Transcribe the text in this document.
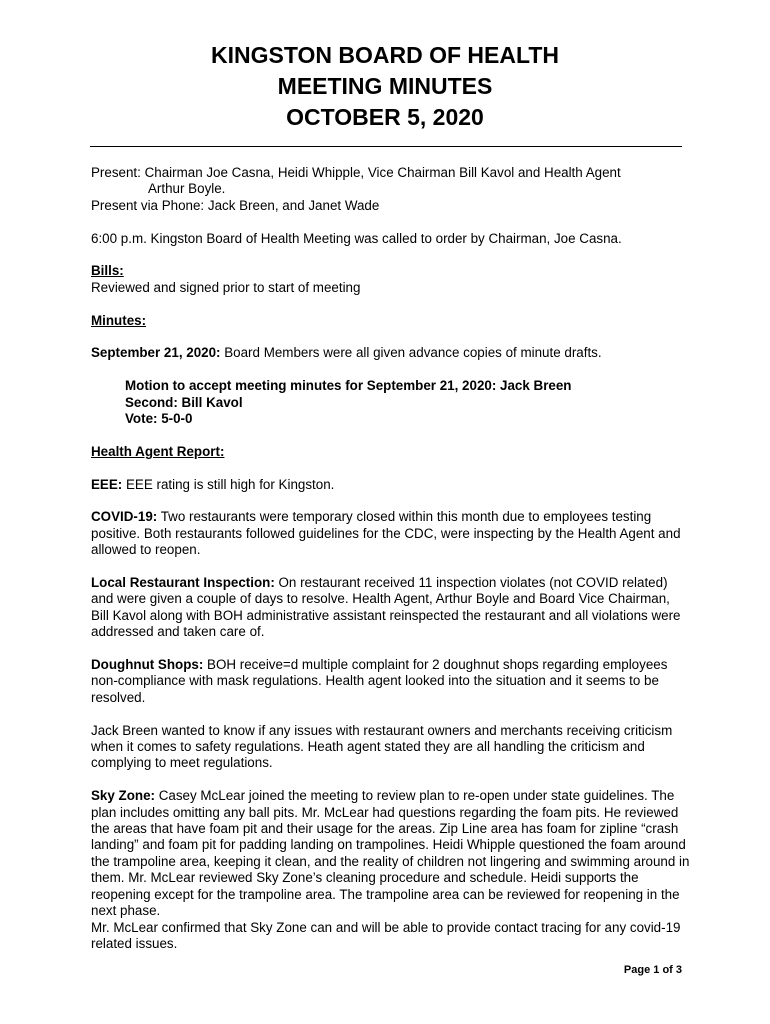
KINGSTON BOARD OF HEALTH
MEETING MINUTES
OCTOBER 5, 2020
Present: Chairman Joe Casna, Heidi Whipple, Vice Chairman Bill Kavol and Health Agent
Arthur Boyle.
Present via Phone: Jack Breen, and Janet Wade
6:00 p.m. Kingston Board of Health Meeting was called to order by Chairman, Joe Casna.
Bills:
Reviewed and signed prior to start of meeting
Minutes:
September 21, 2020: Board Members were all given advance copies of minute drafts.
Motion to accept meeting minutes for September 21, 2020: Jack Breen
Second: Bill Kavol
Vote: 5-0-0
Health Agent Report:
EEE: EEE rating is still high for Kingston.
COVID-19: Two restaurants were temporary closed within this month due to employees testing positive. Both restaurants followed guidelines for the CDC, were inspecting by the Health Agent and allowed to reopen.
Local Restaurant Inspection: On restaurant received 11 inspection violates (not COVID related) and were given a couple of days to resolve. Health Agent, Arthur Boyle and Board Vice Chairman, Bill Kavol along with BOH administrative assistant reinspected the restaurant and all violations were addressed and taken care of.
Doughnut Shops: BOH receive=d multiple complaint for 2 doughnut shops regarding employees non-compliance with mask regulations. Health agent looked into the situation and it seems to be resolved.
Jack Breen wanted to know if any issues with restaurant owners and merchants receiving criticism when it comes to safety regulations. Heath agent stated they are all handling the criticism and complying to meet regulations.
Sky Zone: Casey McLear joined the meeting to review plan to re-open under state guidelines. The plan includes omitting any ball pits. Mr. McLear had questions regarding the foam pits. He reviewed the areas that have foam pit and their usage for the areas. Zip Line area has foam for zipline “crash landing” and foam pit for padding landing on trampolines. Heidi Whipple questioned the foam around the trampoline area, keeping it clean, and the reality of children not lingering and swimming around in them. Mr. McLear reviewed Sky Zone’s cleaning procedure and schedule. Heidi supports the reopening except for the trampoline area. The trampoline area can be reviewed for reopening in the next phase.
Mr. McLear confirmed that Sky Zone can and will be able to provide contact tracing for any covid-19 related issues.
Page 1 of 3
